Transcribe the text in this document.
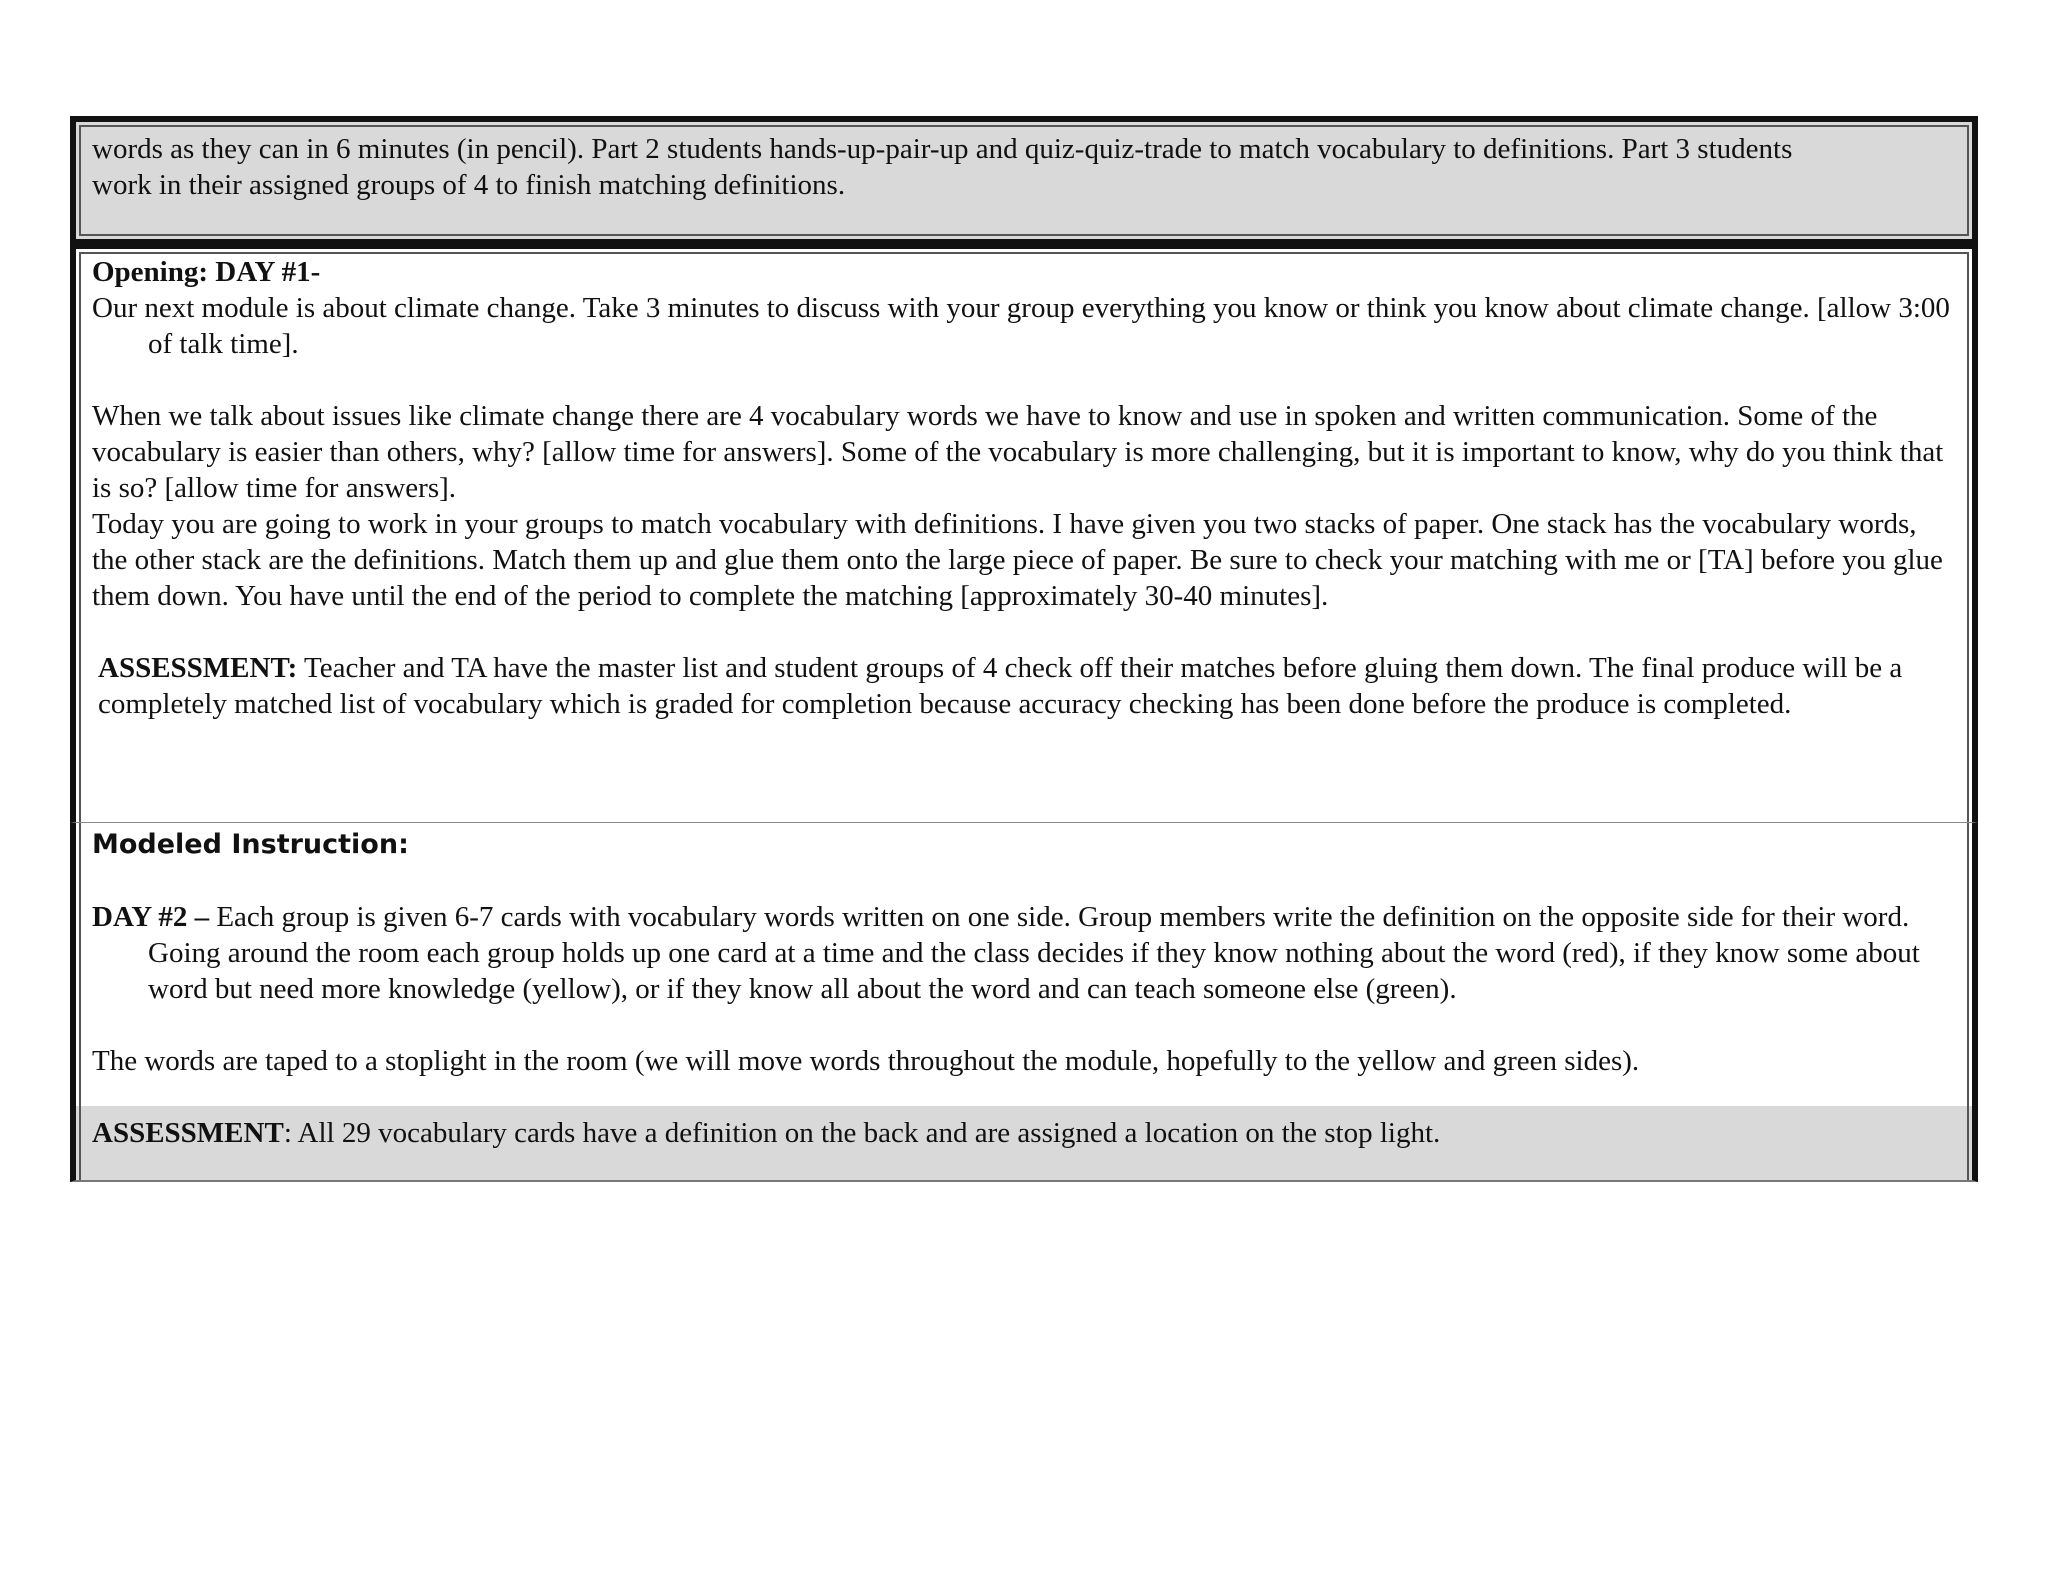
words as they can in 6 minutes (in pencil). Part 2 students hands-up-pair-up and quiz-quiz-trade to match vocabulary to definitions. Part 3 students

work in their assigned groups of 4 to finish matching definitions.

Opening: DAY #1-

Our next module is about climate change. Take 3 minutes to discuss with your group everything you know or think you know about climate change. [allow 3:00 of talk time].

When we talk about issues like climate change there are 4 vocabulary words we have to know and use in spoken and written communication. Some of the vocabulary is easier than others, why? [allow time for answers]. Some of the vocabulary is more challenging, but it is important to know, why do you think that is so? [allow time for answers].

Today you are going to work in your groups to match vocabulary with definitions. I have given you two stacks of paper. One stack has the vocabulary words, the other stack are the definitions. Match them up and glue them onto the large piece of paper. Be sure to check your matching with me or [TA] before you glue them down. You have until the end of the period to complete the matching [approximately 30-40 minutes].

ASSESSMENT: Teacher and TA have the master list and student groups of 4 check off their matches before gluing them down. The final produce will be a completely matched list of vocabulary which is graded for completion because accuracy checking has been done before the produce is completed.

Modeled Instruction:

DAY #2 – Each group is given 6-7 cards with vocabulary words written on one side. Group members write the definition on the opposite side for their word. Going around the room each group holds up one card at a time and the class decides if they know nothing about the word (red), if they know some about word but need more knowledge (yellow), or if they know all about the word and can teach someone else (green).

The words are taped to a stoplight in the room (we will move words throughout the module, hopefully to the yellow and green sides).

ASSESSMENT: All 29 vocabulary cards have a definition on the back and are assigned a location on the stop light.
